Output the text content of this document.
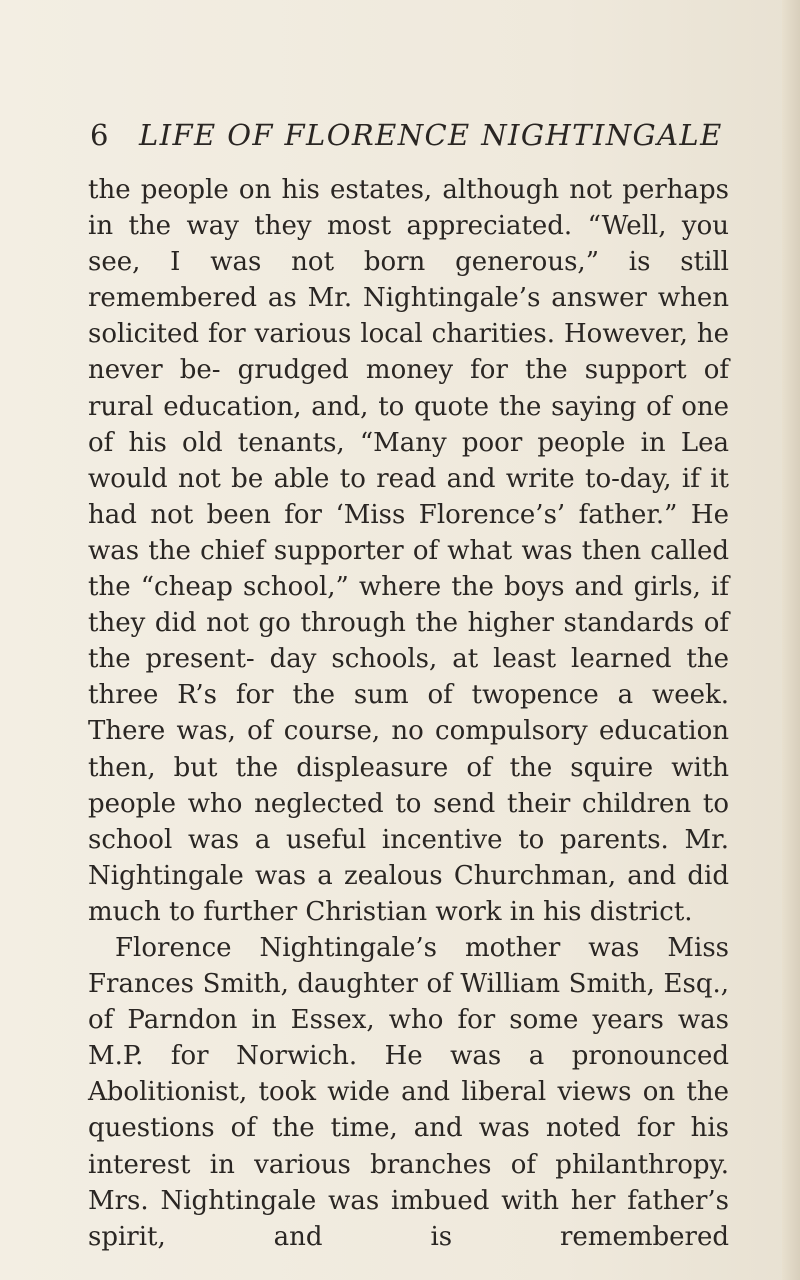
6 LIFE OF FLORENCE NIGHTINGALE

the people on his estates, although not perhaps in the way they most appreciated. “Well, you see, I was not born generous,” is still remembered as Mr. Nightingale’s answer when solicited for various local charities. However, he never be- grudged money for the support of rural education, and, to quote the saying of one of his old tenants, “Many poor people in Lea would not be able to read and write to-day, if it had not been for ‘Miss Florence’s’ father.” He was the chief supporter of what was then called the “cheap school,” where the boys and girls, if they did not go through the higher standards of the present- day schools, at least learned the three R’s for the sum of twopence a week. There was, of course, no compulsory education then, but the displeasure of the squire with people who neglected to send their children to school was a useful incentive to parents. Mr. Nightingale was a zealous Churchman, and did much to further Christian work in his district.

Florence Nightingale’s mother was Miss Frances Smith, daughter of William Smith, Esq., of Parndon in Essex, who for some years was M.P. for Norwich. He was a pronounced Abolitionist, took wide and liberal views on the questions of the time, and was noted for his interest in various branches of philanthropy. Mrs. Nightingale was imbued with her father’s spirit, and is remembered
